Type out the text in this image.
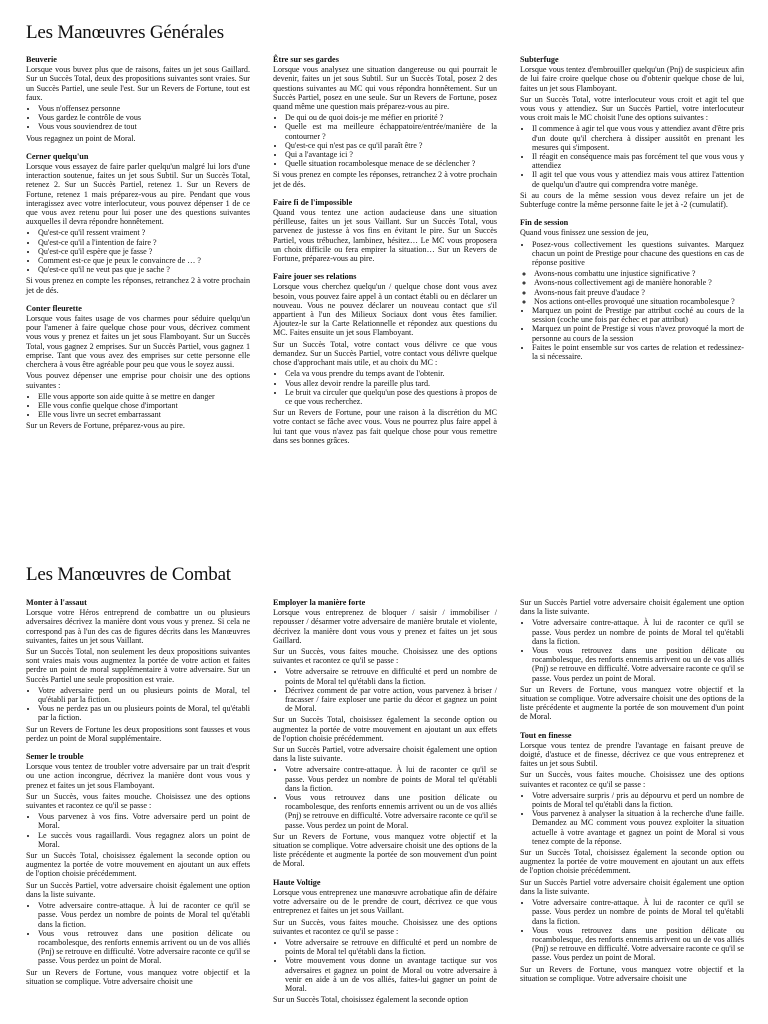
Les Manœuvres Générales
Beuverie
Lorsque vous buvez plus que de raisons, faites un jet sous Gaillard. Sur un Succès Total, deux des propositions suivantes sont vraies. Sur un Succès Partiel, une seule l'est. Sur un Revers de Fortune, tout est faux.
• Vous n'offensez personne
• Vous gardez le contrôle de vous
• Vous vous souviendrez de tout
Vous regagnez un point de Moral.
Cerner quelqu'un
Lorsque vous essayez de faire parler quelqu'un malgré lui lors d'une interaction soutenue, faites un jet sous Subtil. Sur un Succès Total, retenez 2. Sur un Succès Partiel, retenez 1. Sur un Revers de Fortune, retenez 1 mais préparez-vous au pire. Pendant que vous interagissez avec votre interlocuteur, vous pouvez dépenser 1 de ce que vous avez retenu pour lui poser une des questions suivantes auxquelles il devra répondre honnêtement.
• Qu'est-ce qu'il ressent vraiment ?
• Qu'est-ce qu'il a l'intention de faire ?
• Qu'est-ce qu'il espère que je fasse ?
• Comment est-ce que je peux le convaincre de … ?
• Qu'est-ce qu'il ne veut pas que je sache ?
Si vous prenez en compte les réponses, retranchez 2 à votre prochain jet de dés.
Conter fleurette
Lorsque vous faites usage de vos charmes pour séduire quelqu'un pour l'amener à faire quelque chose pour vous, décrivez comment vous vous y prenez et faites un jet sous Flamboyant. Sur un Succès Total, vous gagnez 2 emprises. Sur un Succès Partiel, vous gagnez 1 emprise. Tant que vous avez des emprises sur cette personne elle cherchera à vous être agréable pour peu que vous le soyez aussi.
Vous pouvez dépenser une emprise pour choisir une des options suivantes :
• Elle vous apporte son aide quitte à se mettre en danger
• Elle vous confie quelque chose d'important
• Elle vous livre un secret embarrassant
Sur un Revers de Fortune, préparez-vous au pire.
Être sur ses gardes
Lorsque vous analysez une situation dangereuse ou qui pourrait le devenir, faites un jet sous Subtil. Sur un Succès Total, posez 2 des questions suivantes au MC qui vous répondra honnêtement. Sur un Succès Partiel, posez en une seule. Sur un Revers de Fortune, posez quand même une question mais préparez-vous au pire.
• De qui ou de quoi dois-je me méfier en priorité ?
• Quelle est ma meilleure échappatoire/entrée/manière de la contourner ?
• Qu'est-ce qui n'est pas ce qu'il paraît être ?
• Qui a l'avantage ici ?
• Quelle situation rocambolesque menace de se déclencher ?
Si vous prenez en compte les réponses, retranchez 2 à votre prochain jet de dés.
Faire fi de l'impossible
Quand vous tentez une action audacieuse dans une situation périlleuse, faites un jet sous Vaillant. Sur un Succès Total, vous parvenez de justesse à vos fins en évitant le pire. Sur un Succès Partiel, vous trébuchez, lambinez, hésitez… Le MC vous proposera un choix difficile ou fera empirer la situation… Sur un Revers de Fortune, préparez-vous au pire.
Faire jouer ses relations
Lorsque vous cherchez quelqu'un / quelque chose dont vous avez besoin, vous pouvez faire appel à un contact établi ou en déclarer un nouveau. Vous ne pouvez déclarer un nouveau contact que s'il appartient à l'un des Milieux Sociaux dont vous êtes familier. Ajoutez-le sur la Carte Relationnelle et répondez aux questions du MC. Faites ensuite un jet sous Flamboyant.
Sur un Succès Total, votre contact vous délivre ce que vous demandez. Sur un Succès Partiel, votre contact vous délivre quelque chose d'approchant mais utile, et au choix du MC :
• Cela va vous prendre du temps avant de l'obtenir.
• Vous allez devoir rendre la pareille plus tard.
• Le bruit va circuler que quelqu'un pose des questions à propos de ce que vous recherchez.
Sur un Revers de Fortune, pour une raison à la discrétion du MC votre contact se fâche avec vous. Vous ne pourrez plus faire appel à lui tant que vous n'avez pas fait quelque chose pour vous remettre dans ses bonnes grâces.
Subterfuge
Lorsque vous tentez d'embrouiller quelqu'un (Pnj) de suspicieux afin de lui faire croire quelque chose ou d'obtenir quelque chose de lui, faites un jet sous Flamboyant.
Sur un Succès Total, votre interlocuteur vous croit et agit tel que vous vous y attendiez. Sur un Succès Partiel, votre interlocuteur vous croit mais le MC choisit l'une des options suivantes :
• Il commence à agir tel que vous vous y attendiez avant d'être pris d'un doute qu'il cherchera à dissiper aussitôt en prenant les mesures qui s'imposent.
• Il réagit en conséquence mais pas forcément tel que vous vous y attendiez
• Il agit tel que vous vous y attendiez mais vous attirez l'attention de quelqu'un d'autre qui comprendra votre manège.
Si au cours de la même session vous devez refaire un jet de Subterfuge contre la même personne faite le jet à -2 (cumulatif).
Fin de session
Quand vous finissez une session de jeu,
• Posez-vous collectivement les questions suivantes. Marquez chacun un point de Prestige pour chacune des questions en cas de réponse positive
◦ Avons-nous combattu une injustice significative ?
◦ Avons-nous collectivement agi de manière honorable ?
◦ Avons-nous fait preuve d'audace ?
◦ Nos actions ont-elles provoqué une situation rocambolesque ?
• Marquez un point de Prestige par attribut coché au cours de la session (coche une fois par échec et par attribut)
• Marquez un point de Prestige si vous n'avez provoqué la mort de personne au cours de la session
• Faites le point ensemble sur vos cartes de relation et redessinez-la si nécessaire.
Les Manœuvres de Combat
Monter à l'assaut
Lorsque votre Héros entreprend de combattre un ou plusieurs adversaires décrivez la manière dont vous vous y prenez. Si cela ne correspond pas à l'un des cas de figures décrits dans les Manœuvres suivantes, faites un jet sous Vaillant.
Sur un Succès Total, non seulement les deux propositions suivantes sont vraies mais vous augmentez la portée de votre action et faites perdre un point de moral supplémentaire à votre adversaire. Sur un Succès Partiel une seule proposition est vraie.
• Votre adversaire perd un ou plusieurs points de Moral, tel qu'établi par la fiction.
• Vous ne perdez pas un ou plusieurs points de Moral, tel qu'établi par la fiction.
Sur un Revers de Fortune les deux propositions sont fausses et vous perdez un point de Moral supplémentaire.
Semer le trouble
Lorsque vous tentez de troubler votre adversaire par un trait d'esprit ou une action incongrue, décrivez la manière dont vous vous y prenez et faites un jet sous Flamboyant.
Sur un Succès, vous faites mouche. Choisissez une des options suivantes et racontez ce qu'il se passe :
• Vous parvenez à vos fins. Votre adversaire perd un point de Moral.
• Le succès vous ragaillardi. Vous regagnez alors un point de Moral.
Sur un Succès Total, choisissez également la seconde option ou augmentez la portée de votre mouvement en ajoutant un aux effets de l'option choisie précédemment.
Sur un Succès Partiel, votre adversaire choisit également une option dans la liste suivante.
• Votre adversaire contre-attaque. À lui de raconter ce qu'il se passe. Vous perdez un nombre de points de Moral tel qu'établi dans la fiction.
• Vous vous retrouvez dans une position délicate ou rocambolesque, des renforts ennemis arrivent ou un de vos alliés (Pnj) se retrouve en difficulté. Votre adversaire raconte ce qu'il se passe. Vous perdez un point de Moral.
Sur un Revers de Fortune, vous manquez votre objectif et la situation se complique. Votre adversaire choisit une
Employer la manière forte
Lorsque vous entreprenez de bloquer / saisir / immobiliser / repousser / désarmer votre adversaire de manière brutale et violente, décrivez la manière dont vous vous y prenez et faites un jet sous Gaillard.
Sur un Succès, vous faites mouche. Choisissez une des options suivantes et racontez ce qu'il se passe :
• Votre adversaire se retrouve en difficulté et perd un nombre de points de Moral tel qu'établi dans la fiction.
• Décrivez comment de par votre action, vous parvenez à briser / fracasser / faire exploser une partie du décor et gagnez un point de Moral.
Sur un Succès Total, choisissez également la seconde option ou augmentez la portée de votre mouvement en ajoutant un aux effets de l'option choisie précédemment.
Sur un Succès Partiel, votre adversaire choisit également une option dans la liste suivante.
• Votre adversaire contre-attaque. À lui de raconter ce qu'il se passe. Vous perdez un nombre de points de Moral tel qu'établi dans la fiction.
• Vous vous retrouvez dans une position délicate ou rocambolesque, des renforts ennemis arrivent ou un de vos alliés (Pnj) se retrouve en difficulté. Votre adversaire raconte ce qu'il se passe. Vous perdez un point de Moral.
Sur un Revers de Fortune, vous manquez votre objectif et la situation se complique. Votre adversaire choisit une des options de la liste précédente et augmente la portée de son mouvement d'un point de Moral.
Haute Voltige
Lorsque vous entreprenez une manœuvre acrobatique afin de défaire votre adversaire ou de le prendre de court, décrivez ce que vous entreprenez et faites un jet sous Vaillant.
Sur un Succès, vous faites mouche. Choisissez une des options suivantes et racontez ce qu'il se passe :
• Votre adversaire se retrouve en difficulté et perd un nombre de points de Moral tel qu'établi dans la fiction.
• Votre mouvement vous donne un avantage tactique sur vos adversaires et gagnez un point de Moral ou votre adversaire à venir en aide à un de vos alliés, faites-lui gagner un point de Moral.
Sur un Succès Total, choisissez également la seconde option
Sur un Succès Partiel votre adversaire choisit également une option dans la liste suivante.
• Votre adversaire contre-attaque. À lui de raconter ce qu'il se passe. Vous perdez un nombre de points de Moral tel qu'établi dans la fiction.
• Vous vous retrouvez dans une position délicate ou rocambolesque, des renforts ennemis arrivent ou un de vos alliés (Pnj) se retrouve en difficulté. Votre adversaire raconte ce qu'il se passe. Vous perdez un point de Moral.
Sur un Revers de Fortune, vous manquez votre objectif et la situation se complique. Votre adversaire choisit une des options de la liste précédente et augmente la portée de son mouvement d'un point de Moral.
Tout en finesse
Lorsque vous tentez de prendre l'avantage en faisant preuve de doigté, d'astuce et de finesse, décrivez ce que vous entreprenez et faites un jet sous Subtil.
Sur un Succès, vous faites mouche. Choisissez une des options suivantes et racontez ce qu'il se passe :
• Votre adversaire surpris / pris au dépourvu et perd un nombre de points de Moral tel qu'établi dans la fiction.
• Vous parvenez à analyser la situation à la recherche d'une faille. Demandez au MC comment vous pouvez exploiter la situation actuelle à votre avantage et gagnez un point de Moral si vous tenez compte de la réponse.
Sur un Succès Total, choisissez également la seconde option ou augmentez la portée de votre mouvement en ajoutant un aux effets de l'option choisie précédemment.
Sur un Succès Partiel votre adversaire choisit également une option dans la liste suivante.
• Votre adversaire contre-attaque. À lui de raconter ce qu'il se passe. Vous perdez un nombre de points de Moral tel qu'établi dans la fiction.
• Vous vous retrouvez dans une position délicate ou rocambolesque, des renforts ennemis arrivent ou un de vos alliés (Pnj) se retrouve en difficulté. Votre adversaire raconte ce qu'il se passe. Vous perdez un point de Moral.
Sur un Revers de Fortune, vous manquez votre objectif et la situation se complique. Votre adversaire choisit une
